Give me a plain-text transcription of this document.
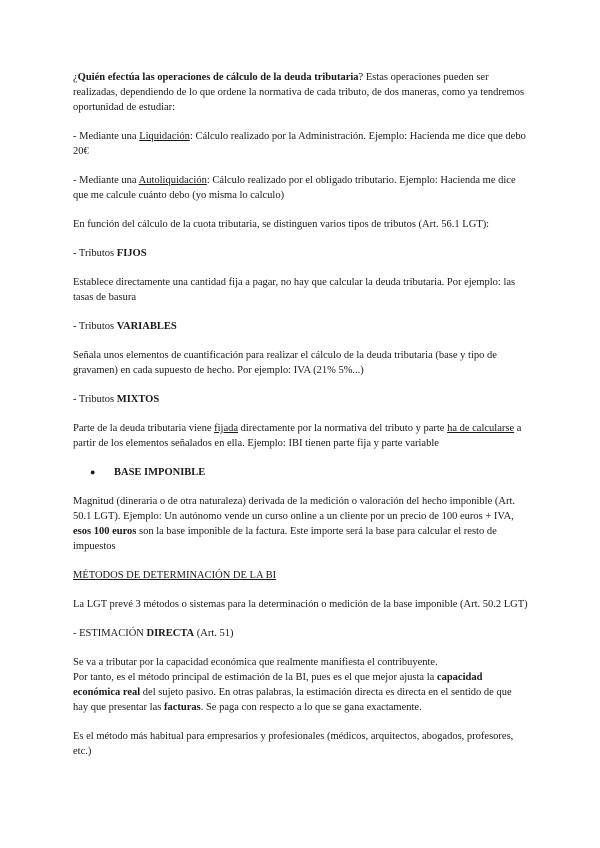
¿Quién efectúa las operaciones de cálculo de la deuda tributaria? Estas operaciones pueden ser realizadas, dependiendo de lo que ordene la normativa de cada tributo, de dos maneras, como ya tendremos oportunidad de estudiar:

- Mediante una Liquidación: Cálculo realizado por la Administración. Ejemplo: Hacienda me dice que debo 20€

- Mediante una Autoliquidación: Cálculo realizado por el obligado tributario. Ejemplo: Hacienda me dice que me calcule cuánto debo (yo misma lo calculo)

En función del cálculo de la cuota tributaria, se distinguen varios tipos de tributos (Art. 56.1 LGT):

- Tributos FIJOS

Establece directamente una cantidad fija a pagar, no hay que calcular la deuda tributaria. Por ejemplo: las tasas de basura

- Tributos VARIABLES

Señala unos elementos de cuantificación para realizar el cálculo de la deuda tributaria (base y tipo de gravamen) en cada supuesto de hecho. Por ejemplo: IVA (21% 5%...)

- Tributos MIXTOS

Parte de la deuda tributaria viene fijada directamente por la normativa del tributo y parte ha de calcularse a partir de los elementos señalados en ella. Ejemplo: IBI tienen parte fija y parte variable

● BASE IMPONIBLE

Magnitud (dineraria o de otra naturaleza) derivada de la medición o valoración del hecho imponible (Art. 50.1 LGT). Ejemplo: Un autónomo vende un curso online a un cliente por un precio de 100 euros + IVA, esos 100 euros son la base imponible de la factura. Este importe será la base para calcular el resto de impuestos

MÉTODOS DE DETERMINACIÓN DE LA BI

La LGT prevé 3 métodos o sistemas para la determinación o medición de la base imponible (Art. 50.2 LGT)

- ESTIMACIÓN DIRECTA (Art. 51)

Se va a tributar por la capacidad económica que realmente manifiesta el contribuyente.
Por tanto, es el método principal de estimación de la BI, pues es el que mejor ajusta la capacidad económica real del sujeto pasivo. En otras palabras, la estimación directa es directa en el sentido de que hay que presentar las facturas. Se paga con respecto a lo que se gana exactamente.

Es el método más habitual para empresarios y profesionales (médicos, arquitectos, abogados, profesores, etc.)
